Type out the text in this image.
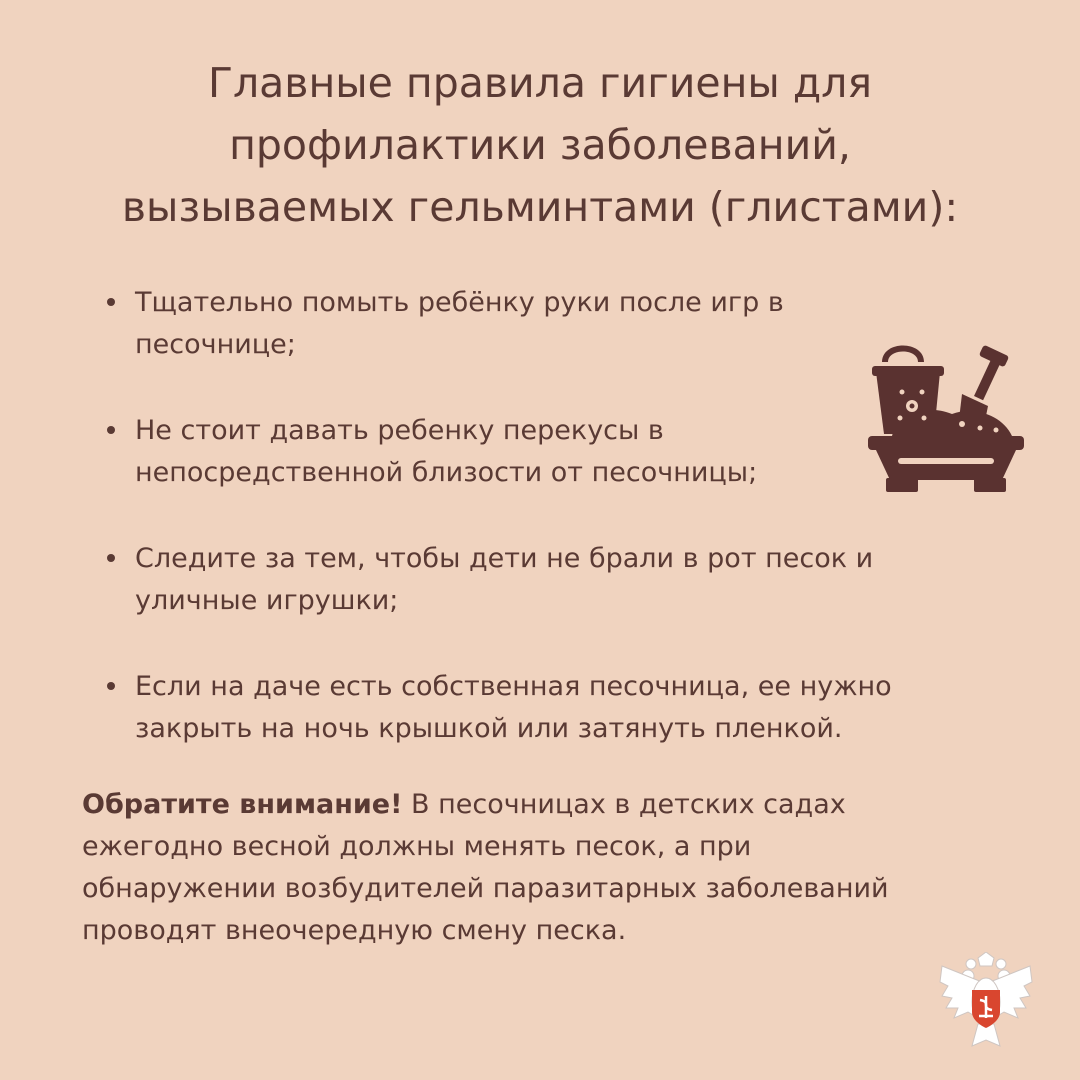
Главные правила гигиены для
профилактики заболеваний,
вызываемых гельминтами (глистами):
Тщательно помыть ребёнку руки после игр в
песочнице;
Не стоит давать ребенку перекусы в
непосредственной близости от песочницы;
Следите за тем, чтобы дети не брали в рот песок и
уличные игрушки;
Если на даче есть собственная песочница, ее нужно
закрыть на ночь крышкой или затянуть пленкой.

Обратите внимание! В песочницах в детских садах
ежегодно весной должны менять песок, а при
обнаружении возбудителей паразитарных заболеваний
проводят внеочередную смену песка.
